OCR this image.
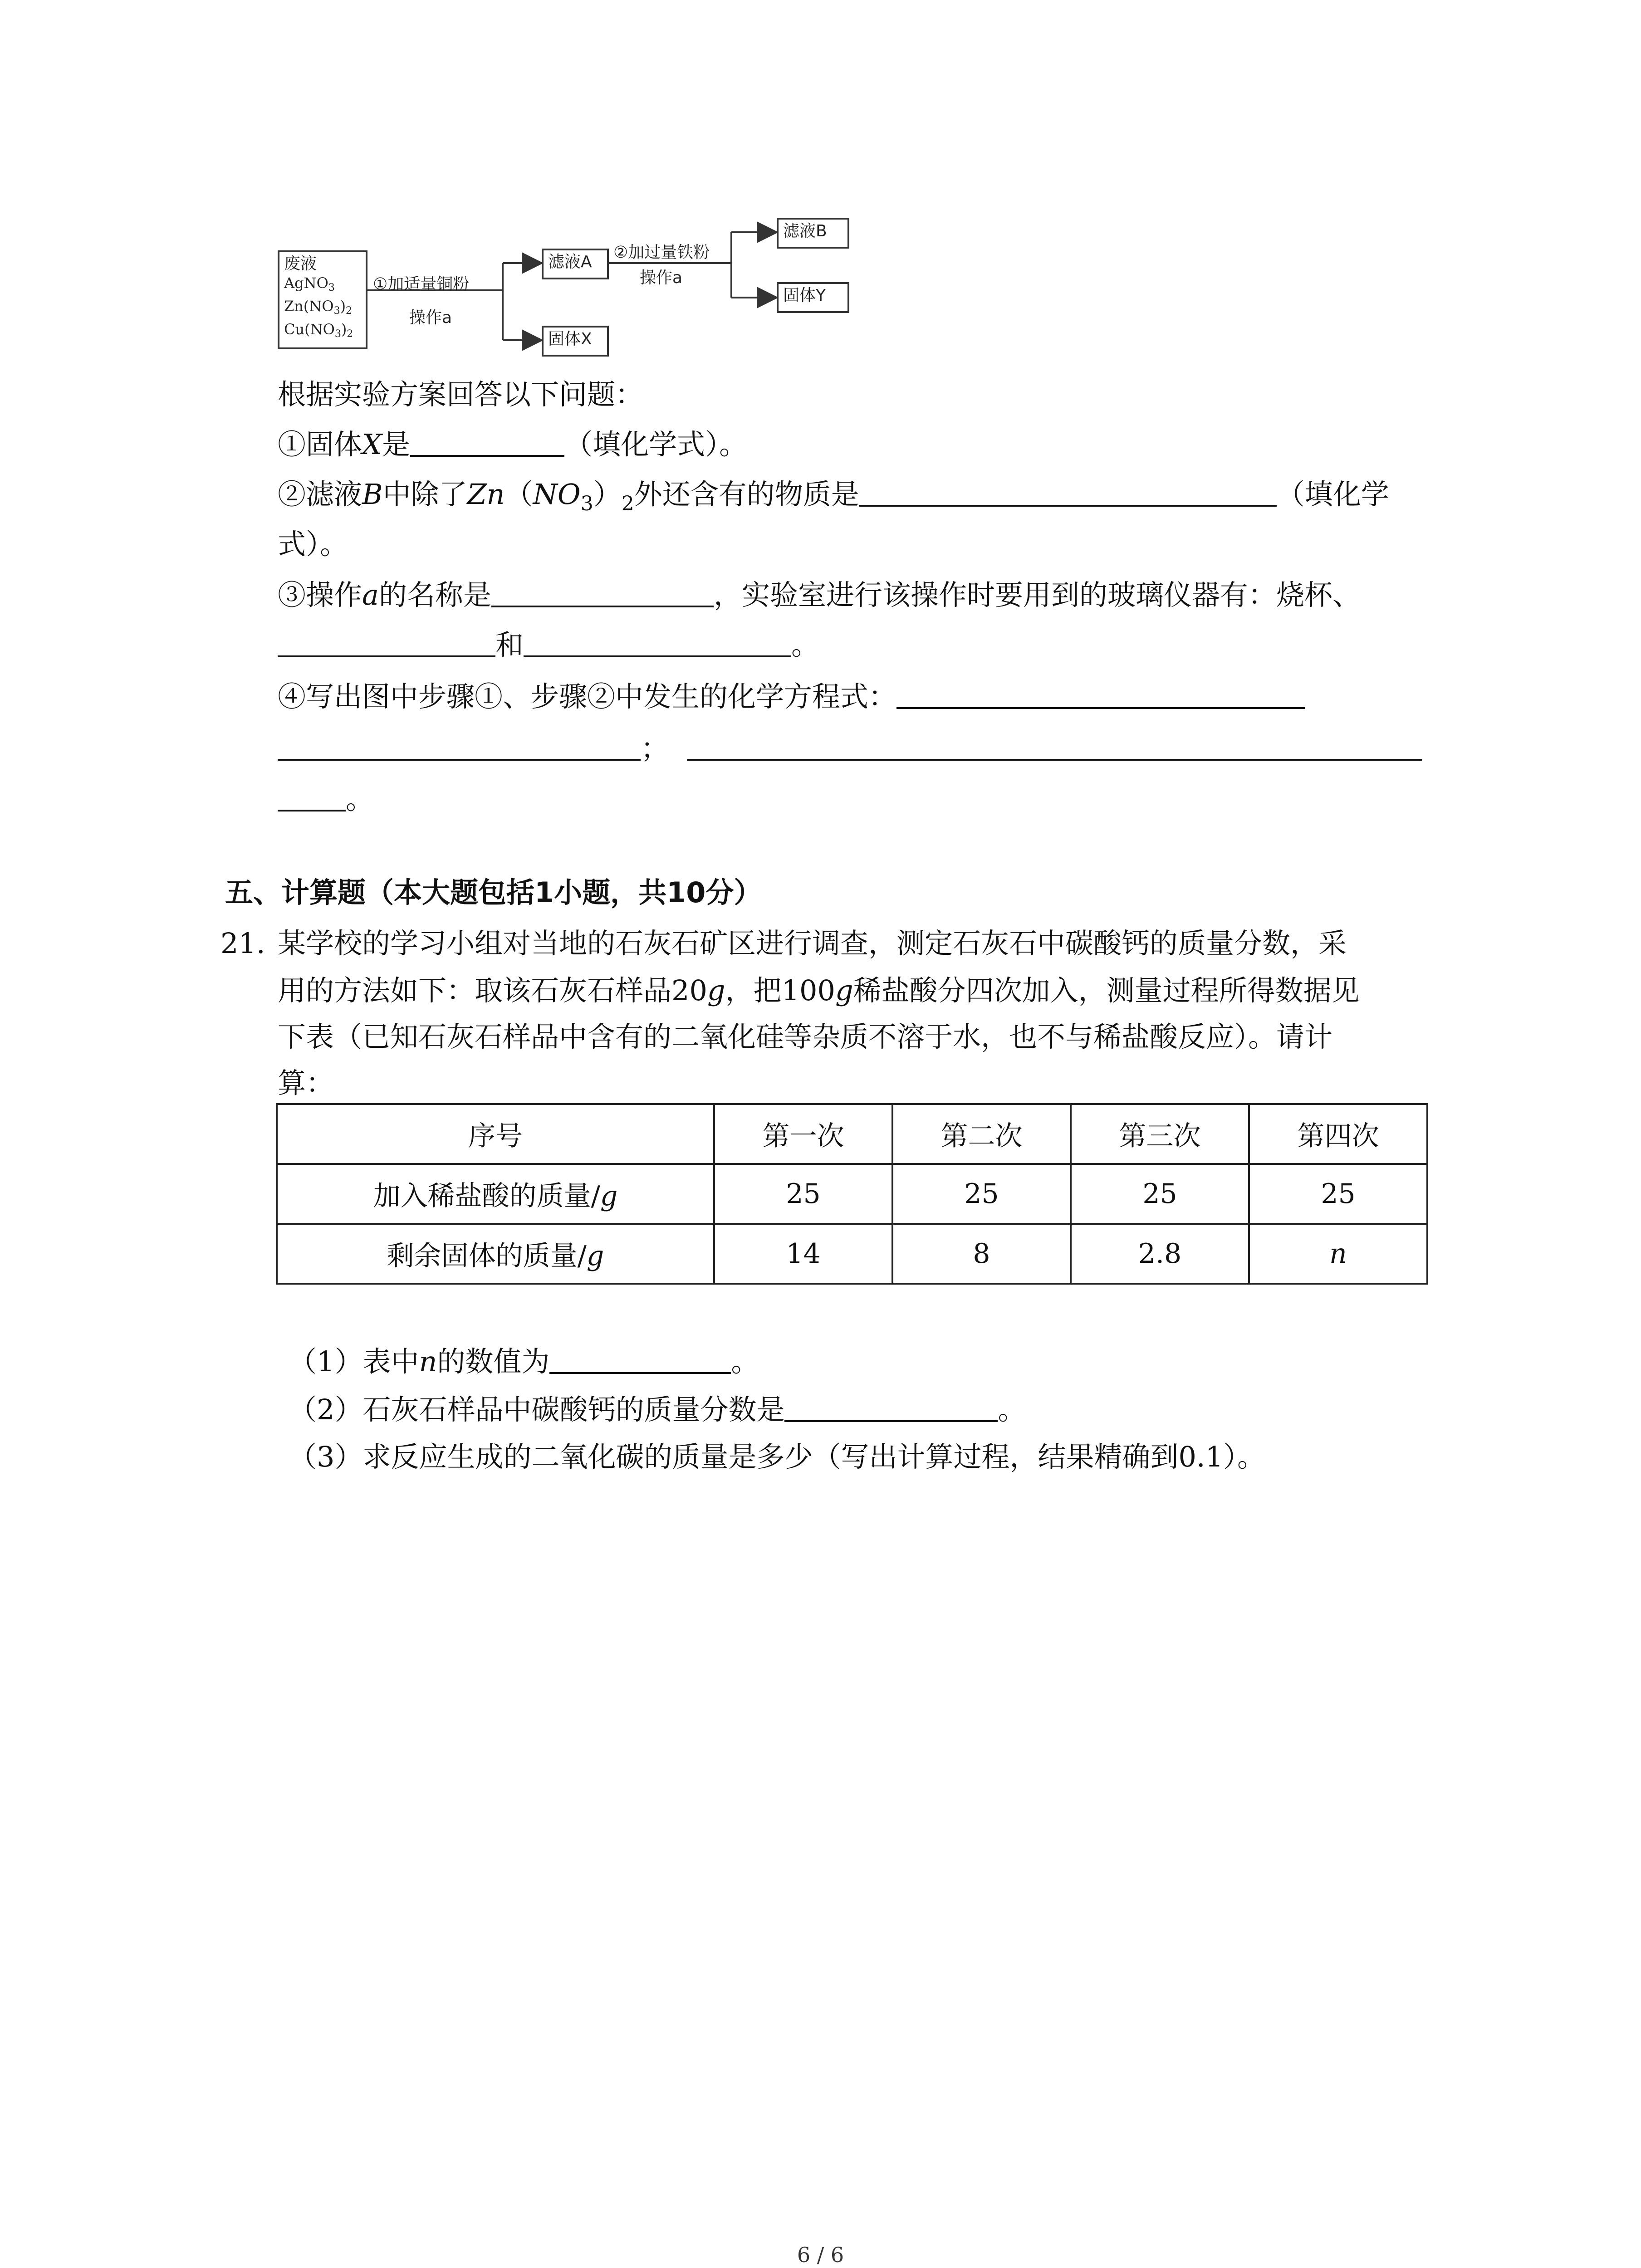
废液
AgNO3
Zn(NO3)2
Cu(NO3)2
①加适量铜粉
操作a
滤液A
固体X
②加过量铁粉
操作a
滤液B
固体Y
根据实验方案回答以下问题：
①固体X是	（填化学式）。
②滤液B中除了$Zn(NO_3)_2$外还含有的物质是	（填化学
式）。
③操作a的名称是	，实验室进行该操作时要用到的玻璃仪器有：烧杯、
和	。
④写出图中步骤①、步骤②中发生的化学方程式：
；
。
五、计算题（本大题包括1小题，共10分）
21. 某学校的学习小组对当地的石灰石矿区进行调查，测定石灰石中碳酸钙的质量分数，采
用的方法如下：取该石灰石样品20g，把100g稀盐酸分四次加入，测量过程所得数据见
下表（已知石灰石样品中含有的二氧化硅等杂质不溶于水，也不与稀盐酸反应）。请计
算：
序号	第一次	第二次	第三次	第四次
加入稀盐酸的质量/g	25	25	25	25
剩余固体的质量/g	14	8	2.8	n
（1）表中n的数值为	。
（2）石灰石样品中碳酸钙的质量分数是	。
（3）求反应生成的二氧化碳的质量是多少（写出计算过程，结果精确到0.1）。
6 / 6
